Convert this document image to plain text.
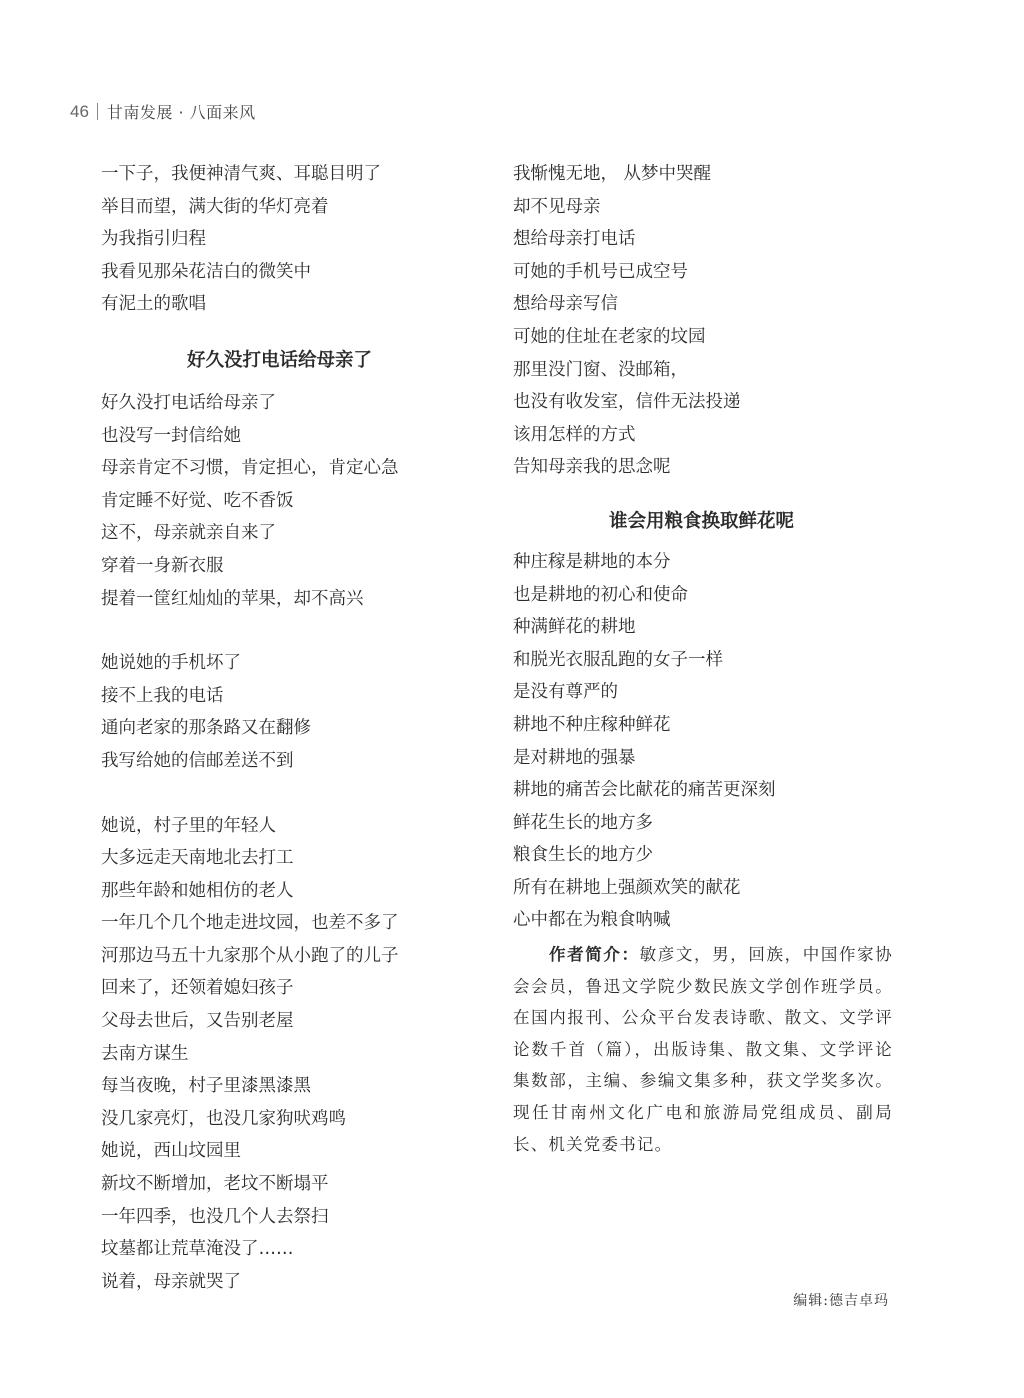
46 甘南发展 · 八面来风
一下子，我便神清气爽、耳聪目明了
举目而望，满大街的华灯亮着
为我指引归程
我看见那朵花洁白的微笑中
有泥土的歌唱
好久没打电话给母亲了
好久没打电话给母亲了
也没写一封信给她
母亲肯定不习惯，肯定担心，肯定心急
肯定睡不好觉、吃不香饭
这不，母亲就亲自来了
穿着一身新衣服
提着一筐红灿灿的苹果，却不高兴
她说她的手机坏了
接不上我的电话
通向老家的那条路又在翻修
我写给她的信邮差送不到
她说，村子里的年轻人
大多远走天南地北去打工
那些年龄和她相仿的老人
一年几个几个地走进坟园，也差不多了
河那边马五十九家那个从小跑了的儿子
回来了，还领着媳妇孩子
父母去世后，又告别老屋
去南方谋生
每当夜晚，村子里漆黑漆黑
没几家亮灯，也没几家狗吠鸡鸣
她说，西山坟园里
新坟不断增加，老坟不断塌平
一年四季，也没几个人去祭扫
坟墓都让荒草淹没了……
说着，母亲就哭了
我惭愧无地， 从梦中哭醒
却不见母亲
想给母亲打电话
可她的手机号已成空号
想给母亲写信
可她的住址在老家的坟园
那里没门窗、没邮箱，
也没有收发室，信件无法投递
该用怎样的方式
告知母亲我的思念呢
谁会用粮食换取鲜花呢
种庄稼是耕地的本分
也是耕地的初心和使命
种满鲜花的耕地
和脱光衣服乱跑的女子一样
是没有尊严的
耕地不种庄稼种鲜花
是对耕地的强暴
耕地的痛苦会比献花的痛苦更深刻
鲜花生长的地方多
粮食生长的地方少
所有在耕地上强颜欢笑的献花
心中都在为粮食呐喊
作者简介：敏彦文，男，回族，中国作家协会会员，鲁迅文学院少数民族文学创作班学员。在国内报刊、公众平台发表诗歌、散文、文学评论数千首（篇），出版诗集、散文集、文学评论集数部，主编、参编文集多种，获文学奖多次。现任甘南州文化广电和旅游局党组成员、副局长、机关党委书记。
编辑:德吉卓玛
